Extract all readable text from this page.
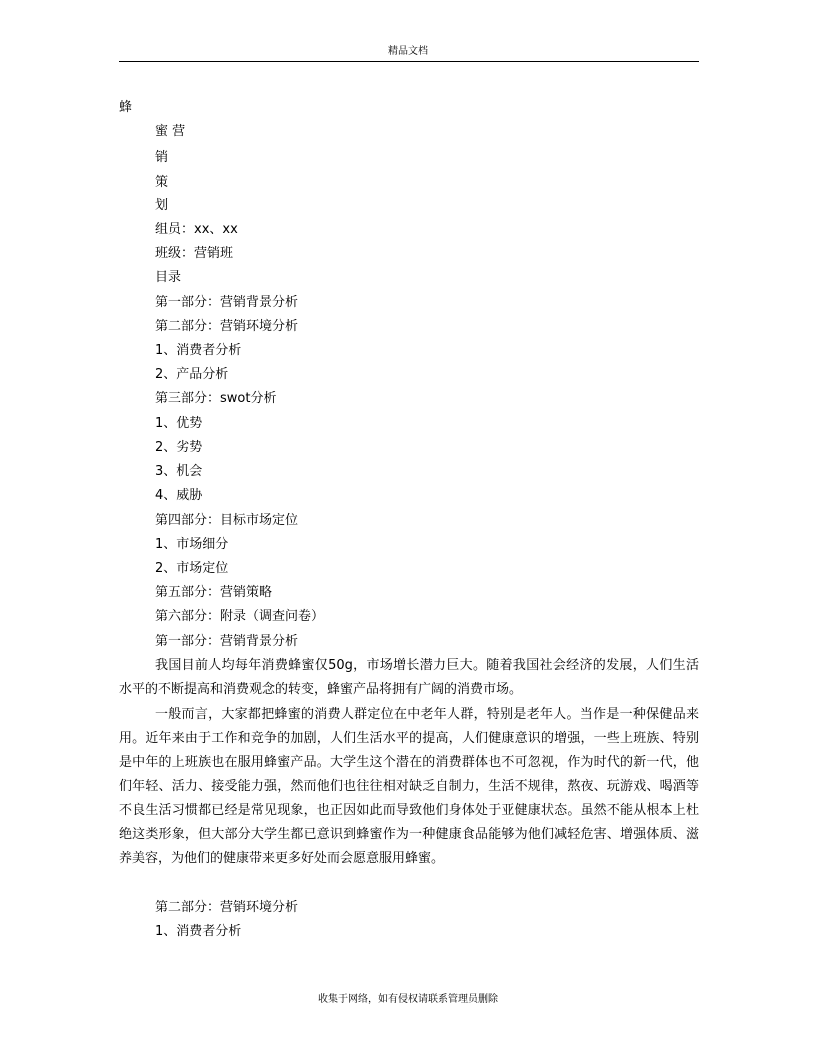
精品文档
蜂
蜜 营
销
策
划
组员：xx、xx
班级：营销班
目录
第一部分：营销背景分析
第二部分：营销环境分析
1、消费者分析
2、产品分析
第三部分：swot分析
1、优势
2、劣势
3、机会
4、威胁
第四部分：目标市场定位
1、市场细分
2、市场定位
第五部分：营销策略
第六部分：附录（调查问卷）
第一部分：营销背景分析
我国目前人均每年消费蜂蜜仅50g，市场增长潜力巨大。随着我国社会经济的发展，人们生活水平的不断提高和消费观念的转变，蜂蜜产品将拥有广阔的消费市场。
一般而言，大家都把蜂蜜的消费人群定位在中老年人群，特别是老年人。当作是一种保健品来用。近年来由于工作和竞争的加剧，人们生活水平的提高，人们健康意识的增强，一些上班族、特别是中年的上班族也在服用蜂蜜产品。大学生这个潜在的消费群体也不可忽视，作为时代的新一代，他们年轻、活力、接受能力强，然而他们也往往相对缺乏自制力，生活不规律，熬夜、玩游戏、喝酒等不良生活习惯都已经是常见现象，也正因如此而导致他们身体处于亚健康状态。虽然不能从根本上杜绝这类形象，但大部分大学生都已意识到蜂蜜作为一种健康食品能够为他们减轻危害、增强体质、滋养美容，为他们的健康带来更多好处而会愿意服用蜂蜜。
第二部分：营销环境分析
1、消费者分析
收集于网络，如有侵权请联系管理员删除
